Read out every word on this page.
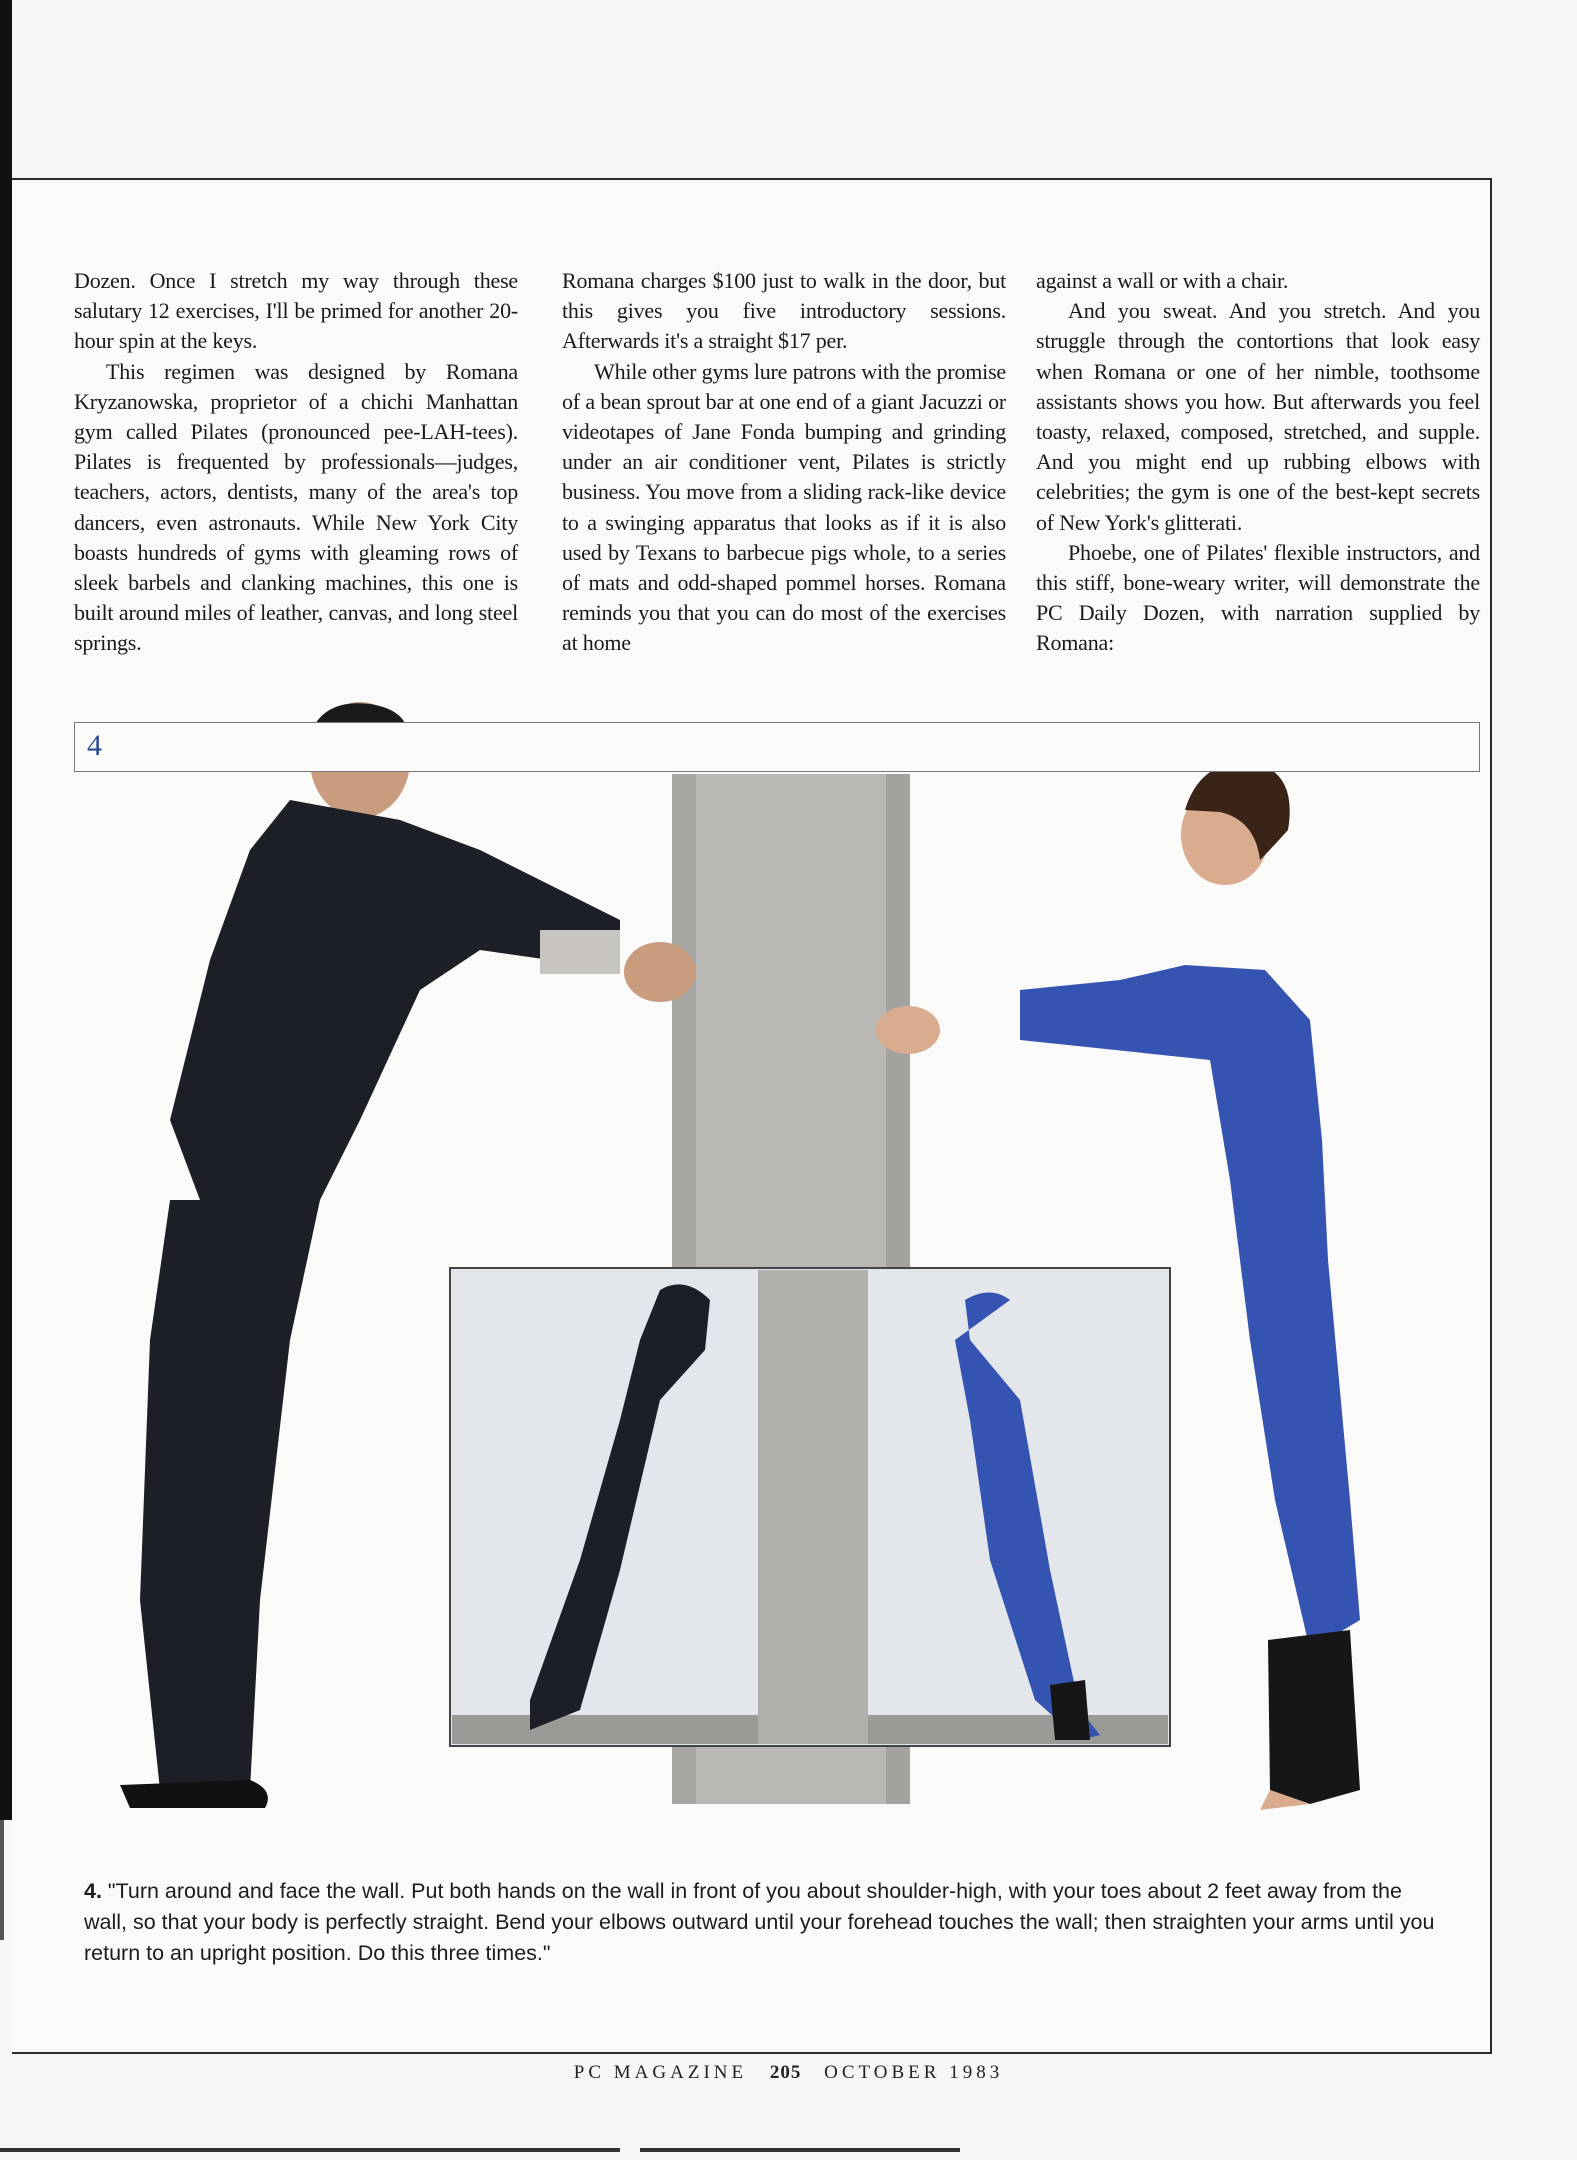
Dozen. Once I stretch my way through these salutary 12 exercises, I'll be primed for another 20-hour spin at the keys.

This regimen was designed by Romana Kryzanowska, proprietor of a chichi Manhattan gym called Pilates (pronounced pee-LAH-tees). Pilates is frequented by professionals—judges, teachers, actors, dentists, many of the area's top dancers, even astronauts. While New York City boasts hundreds of gyms with gleaming rows of sleek barbels and clanking machines, this one is built around miles of leather, canvas, and long steel springs.

Romana charges $100 just to walk in the door, but this gives you five introductory sessions. Afterwards it's a straight $17 per.

While other gyms lure patrons with the promise of a bean sprout bar at one end of a giant Jacuzzi or videotapes of Jane Fonda bumping and grinding under an air conditioner vent, Pilates is strictly business. You move from a sliding rack-like device to a swinging apparatus that looks as if it is also used by Texans to barbecue pigs whole, to a series of mats and odd-shaped pommel horses. Romana reminds you that you can do most of the exercises at home

against a wall or with a chair.

And you sweat. And you stretch. And you struggle through the contortions that look easy when Romana or one of her nimble, toothsome assistants shows you how. But afterwards you feel toasty, relaxed, composed, stretched, and supple. And you might end up rubbing elbows with celebrities; the gym is one of the best-kept secrets of New York's glitterati.

Phoebe, one of Pilates' flexible instructors, and this stiff, bone-weary writer, will demonstrate the PC Daily Dozen, with narration supplied by Romana:

4
4. "Turn around and face the wall. Put both hands on the wall in front of you about shoulder-high, with your toes about 2 feet away from the wall, so that your body is perfectly straight. Bend your elbows outward until your forehead touches the wall; then straighten your arms until you return to an upright position. Do this three times."
PC MAGAZINE 205 OCTOBER 1983
